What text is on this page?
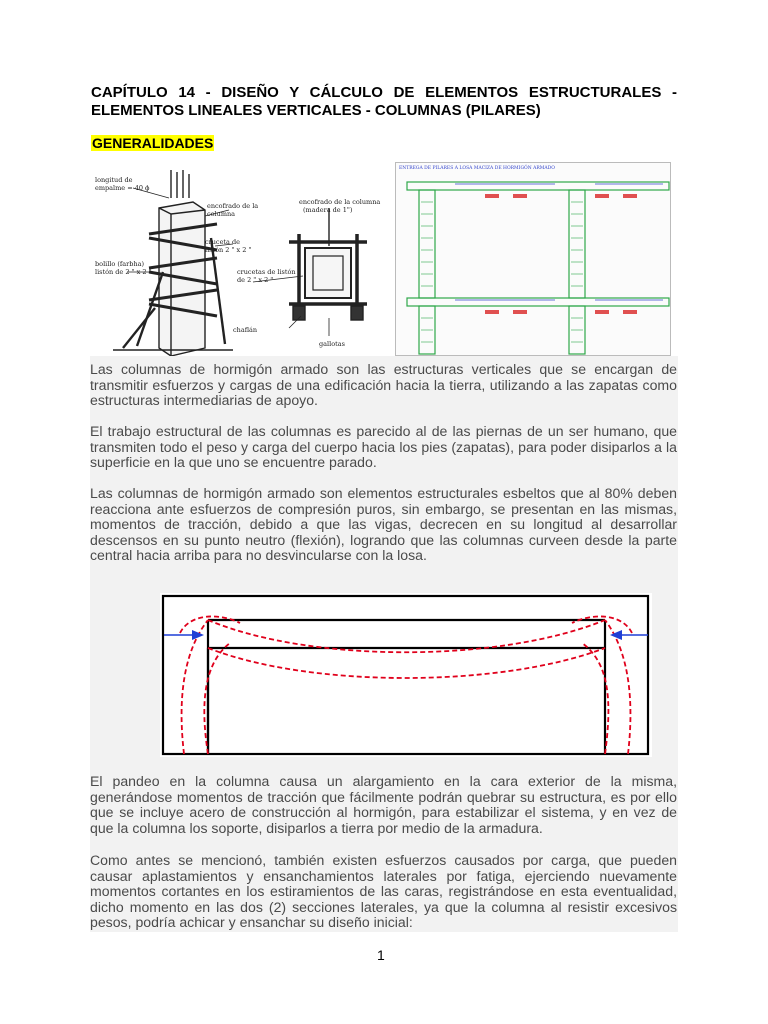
CAPÍTULO 14 - DISEÑO Y CÁLCULO DE ELEMENTOS ESTRUCTURALES - ELEMENTOS LINEALES VERTICALES - COLUMNAS (PILARES)
GENERALIDADES
longitud de
empalme = 40 ϕ
encofrado de la
columna
cruceta de
listón 2 " x 2 "
bolillo (farbha)
listón de 2 " x 2 "
chaflán
encofrado de la columna
(madera de 1")
crucetas de listón
de 2 " x 2 "
gallotas
ENTREGA DE PILARES A LOSA MACIZA DE HORMIGÓN ARMADO

Las columnas de hormigón armado son las estructuras verticales que se encargan de transmitir esfuerzos y cargas de una edificación hacia la tierra, utilizando a las zapatas como estructuras intermediarias de apoyo.

El trabajo estructural de las columnas es parecido al de las piernas de un ser humano, que transmiten todo el peso y carga del cuerpo hacia los pies (zapatas), para poder disiparlos a la superficie en la que uno se encuentre parado.

Las columnas de hormigón armado son elementos estructurales esbeltos que al 80% deben reacciona ante esfuerzos de compresión puros, sin embargo, se presentan en las mismas, momentos de tracción, debido a que las vigas, decrecen en su longitud al desarrollar descensos en su punto neutro (flexión), logrando que las columnas curveen desde la parte central hacia arriba para no desvincularse con la losa.

El pandeo en la columna causa un alargamiento en la cara exterior de la misma, generándose momentos de tracción que fácilmente podrán quebrar su estructura, es por ello que se incluye acero de construcción al hormigón, para estabilizar el sistema, y en vez de que la columna los soporte, disiparlos a tierra por medio de la armadura.

Como antes se mencionó, también existen esfuerzos causados por carga, que pueden causar aplastamientos y ensanchamientos laterales por fatiga, ejerciendo nuevamente momentos cortantes en los estiramientos de las caras, registrándose en esta eventualidad, dicho momento en las dos (2) secciones laterales, ya que la columna al resistir excesivos pesos, podría achicar y ensanchar su diseño inicial:

1
